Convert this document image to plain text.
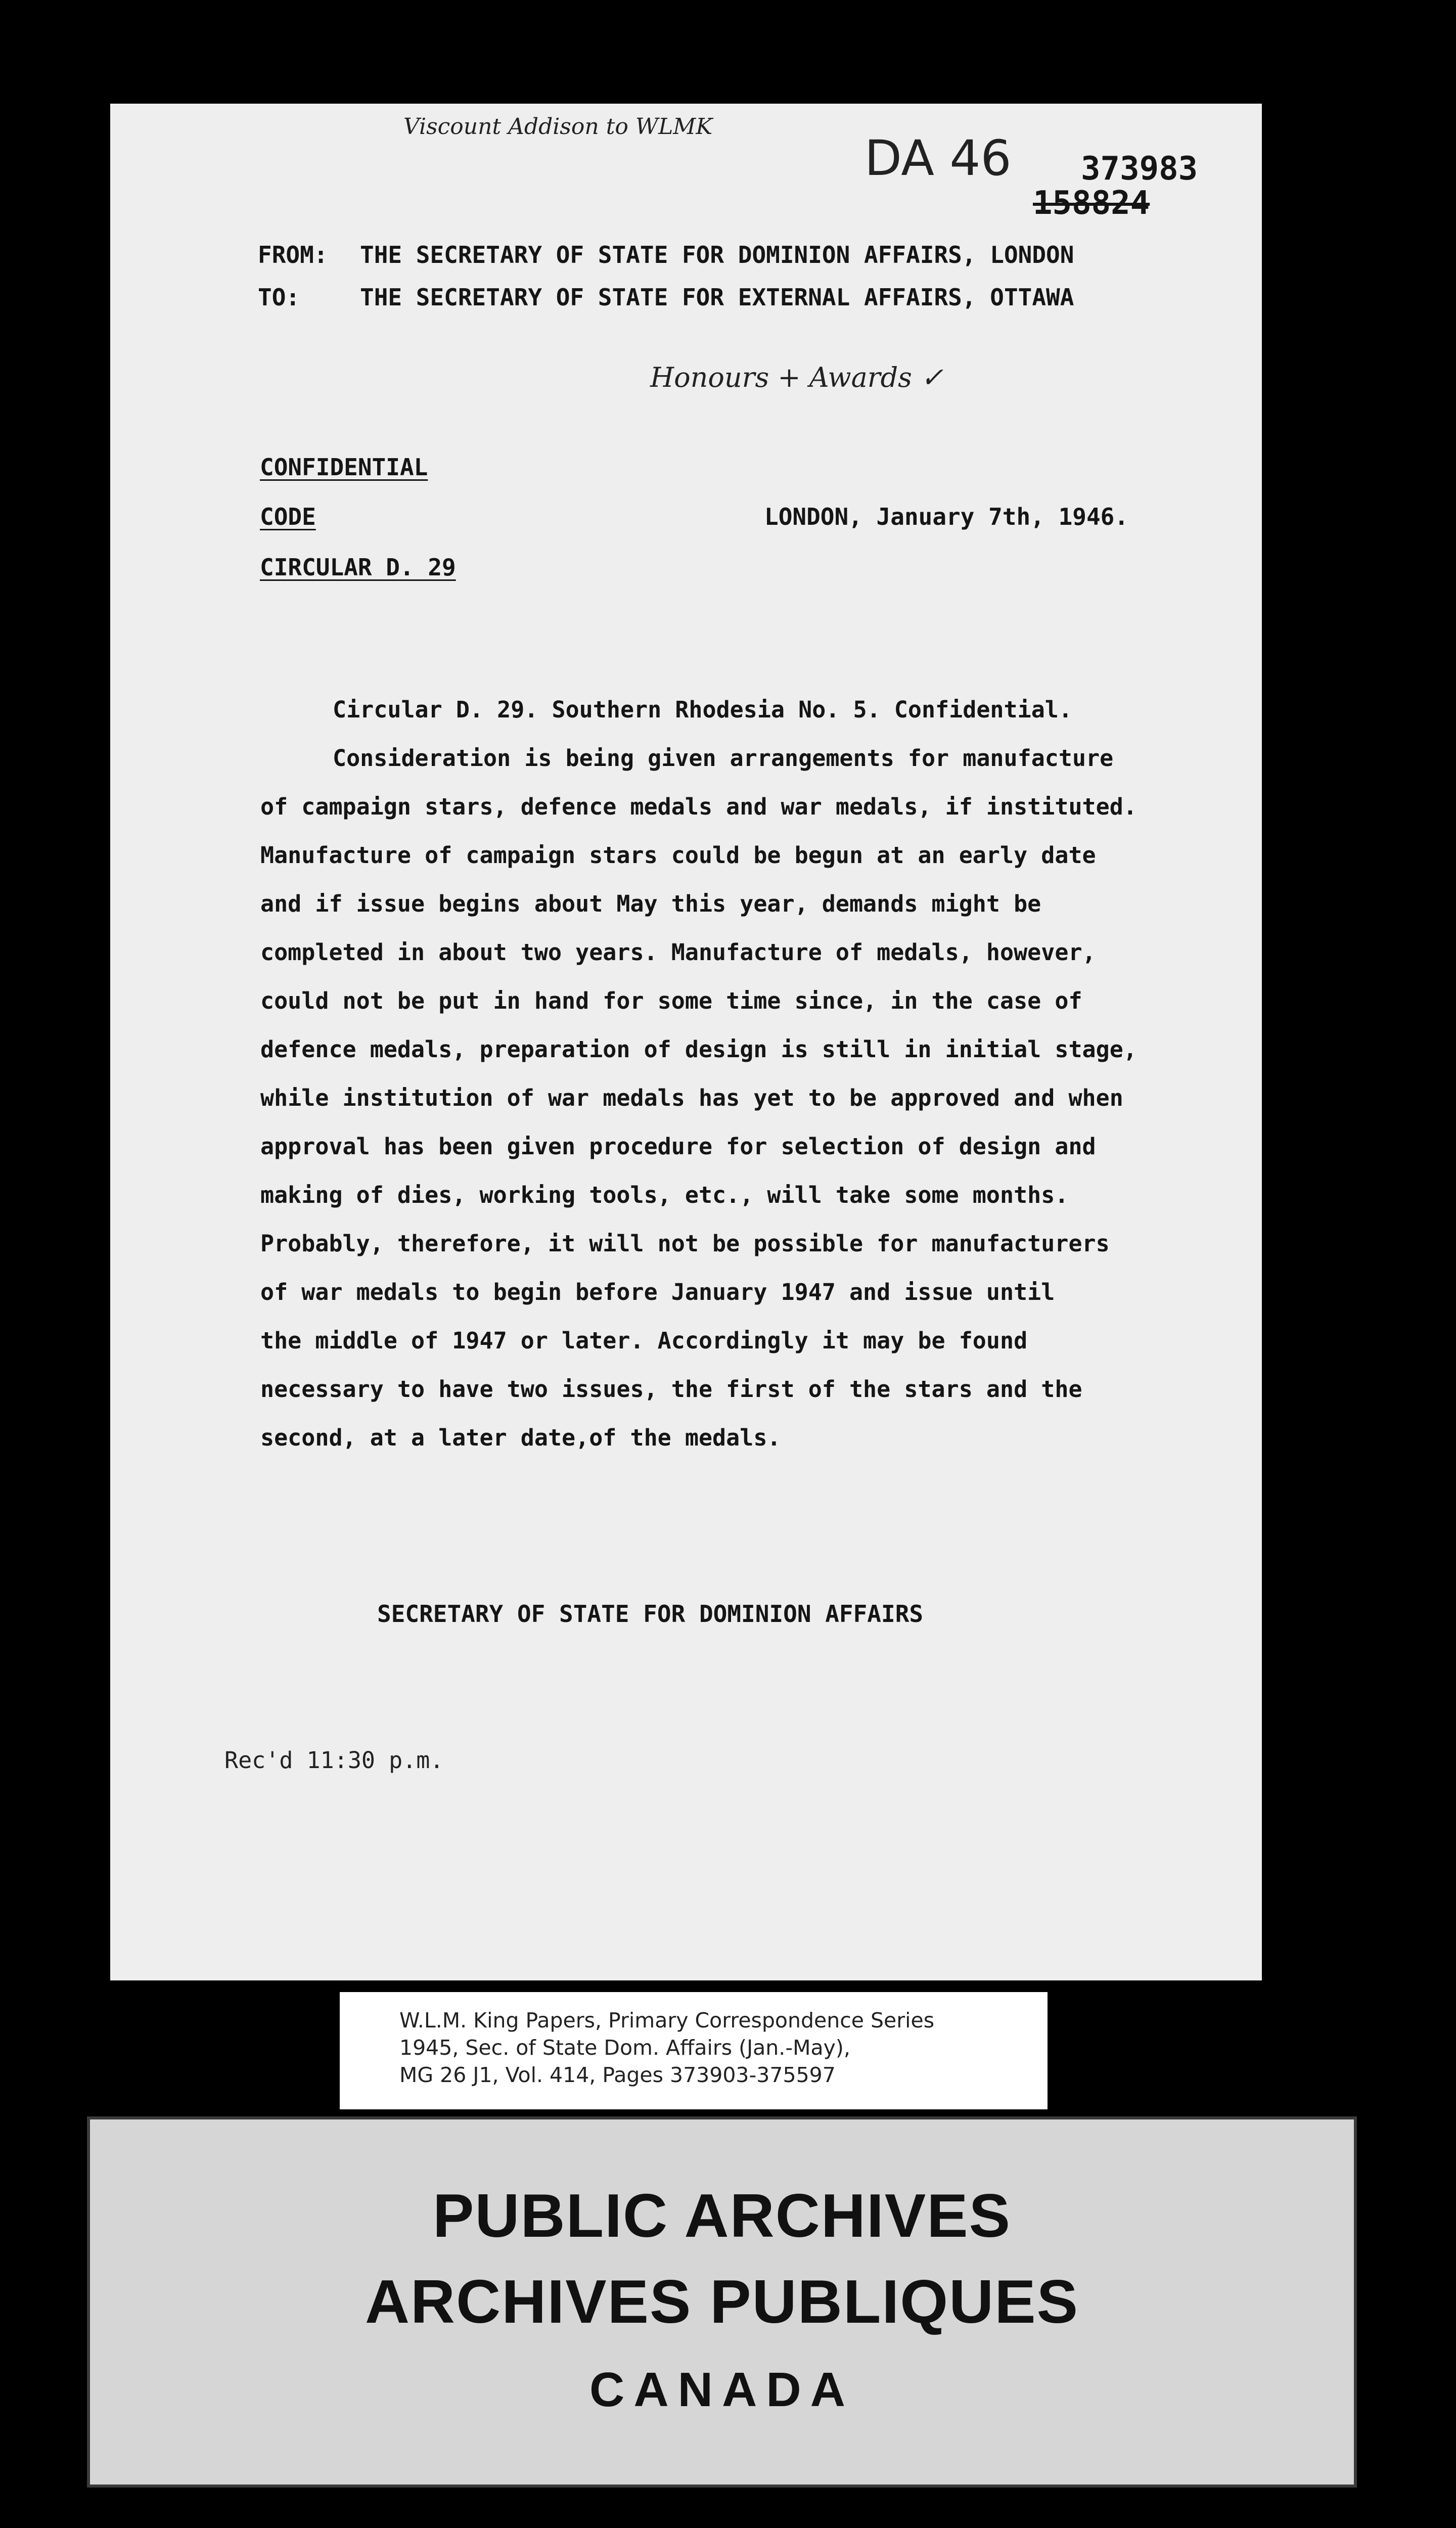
Viscount Addison to WLMK
DA 46 373983
158824
FROM: THE SECRETARY OF STATE FOR DOMINION AFFAIRS, LONDON
TO:	THE SECRETARY OF STATE FOR EXTERNAL AFFAIRS, OTTAWA
Honours + Awards ✓
CONFIDENTIAL
CODE	LONDON, January 7th, 1946.
CIRCULAR D. 29
Circular D. 29. Southern Rhodesia No. 5. Confidential.
Consideration is being given arrangements for manufacture
of campaign stars, defence medals and war medals, if instituted.
Manufacture of campaign stars could be begun at an early date
and if issue begins about May this year, demands might be
completed in about two years. Manufacture of medals, however,
could not be put in hand for some time since, in the case of
defence medals, preparation of design is still in initial stage,
while institution of war medals has yet to be approved and when
approval has been given procedure for selection of design and
making of dies, working tools, etc., will take some months.
Probably, therefore, it will not be possible for manufacturers
of war medals to begin before January 1947 and issue until
the middle of 1947 or later. Accordingly it may be found
necessary to have two issues, the first of the stars and the
second, at a later date,of the medals.
SECRETARY OF STATE FOR DOMINION AFFAIRS
Rec'd 11:30 p.m.
W.L.M. King Papers, Primary Correspondence Series
1945, Sec. of State Dom. Affairs (Jan.-May),
MG 26 J1, Vol. 414, Pages 373903-375597
PUBLIC ARCHIVES
ARCHIVES PUBLIQUES
CANADA
